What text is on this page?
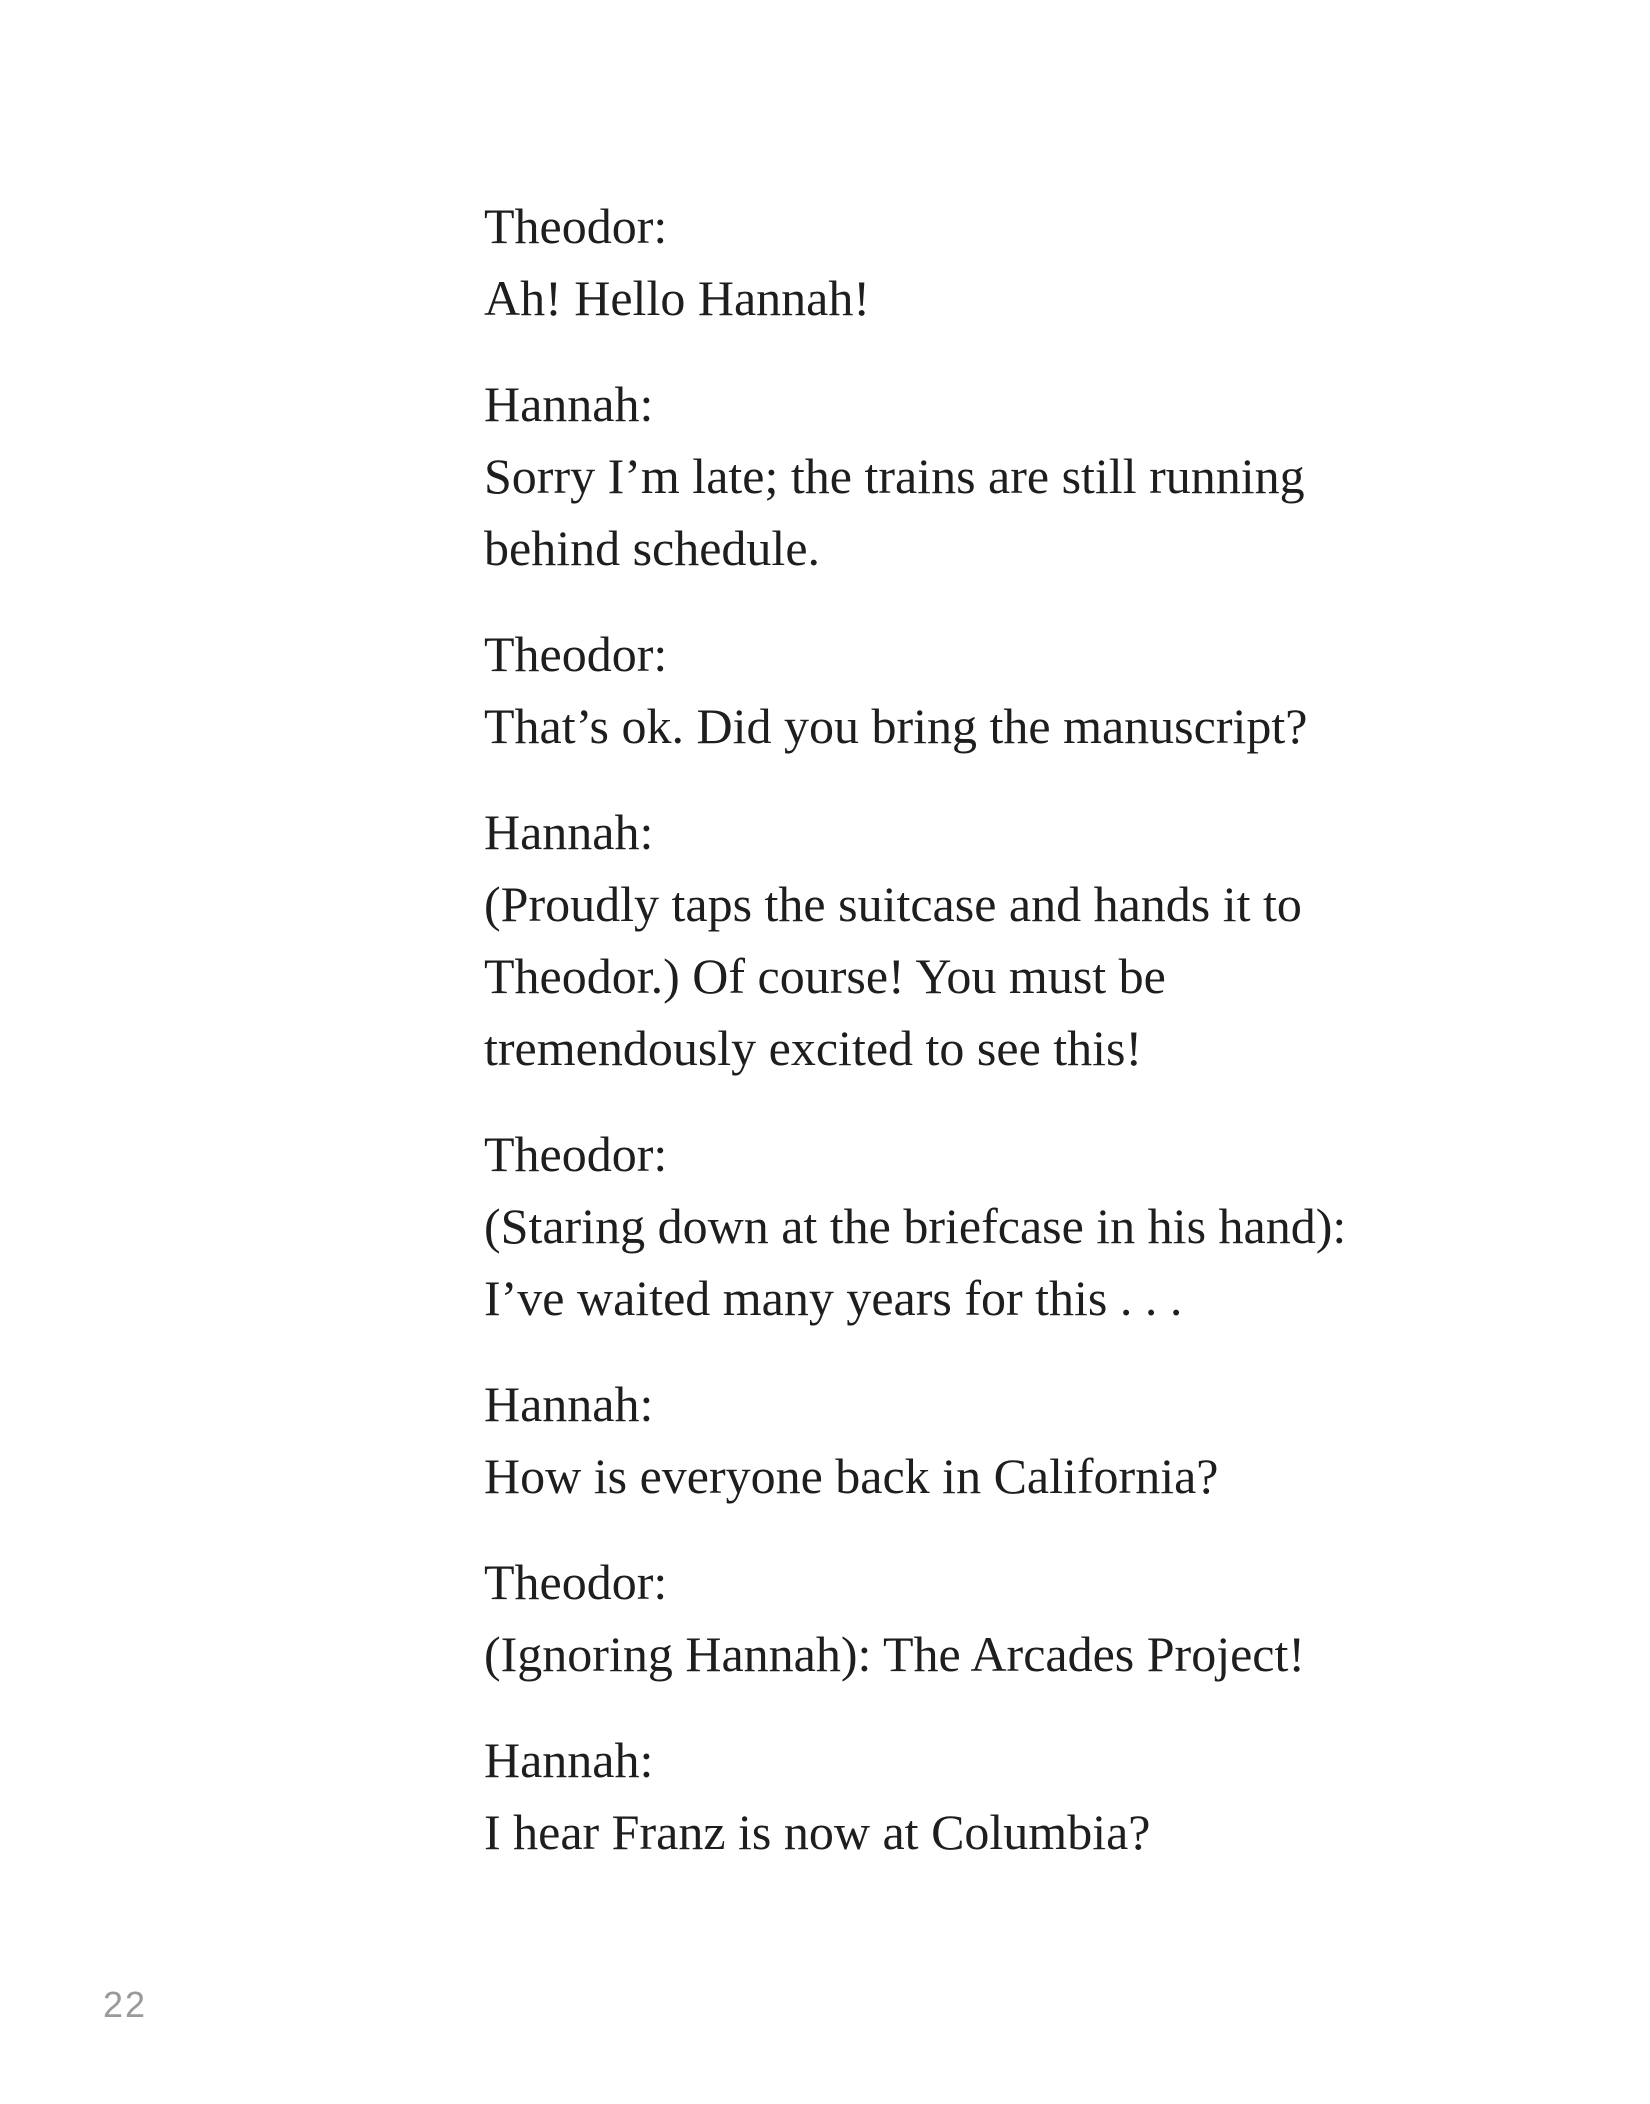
Theodor:

Ah! Hello Hannah!

Hannah:

Sorry I’m late; the trains are still running

behind schedule.

Theodor:

That’s ok. Did you bring the manuscript?

Hannah:

(Proudly taps the suitcase and hands it to

Theodor.) Of course! You must be

tremendously excited to see this!

Theodor:

(Staring down at the briefcase in his hand):

I’ve waited many years for this . . .

Hannah:

How is everyone back in California?

Theodor:

(Ignoring Hannah): The Arcades Project!

Hannah:

I hear Franz is now at Columbia?

22
